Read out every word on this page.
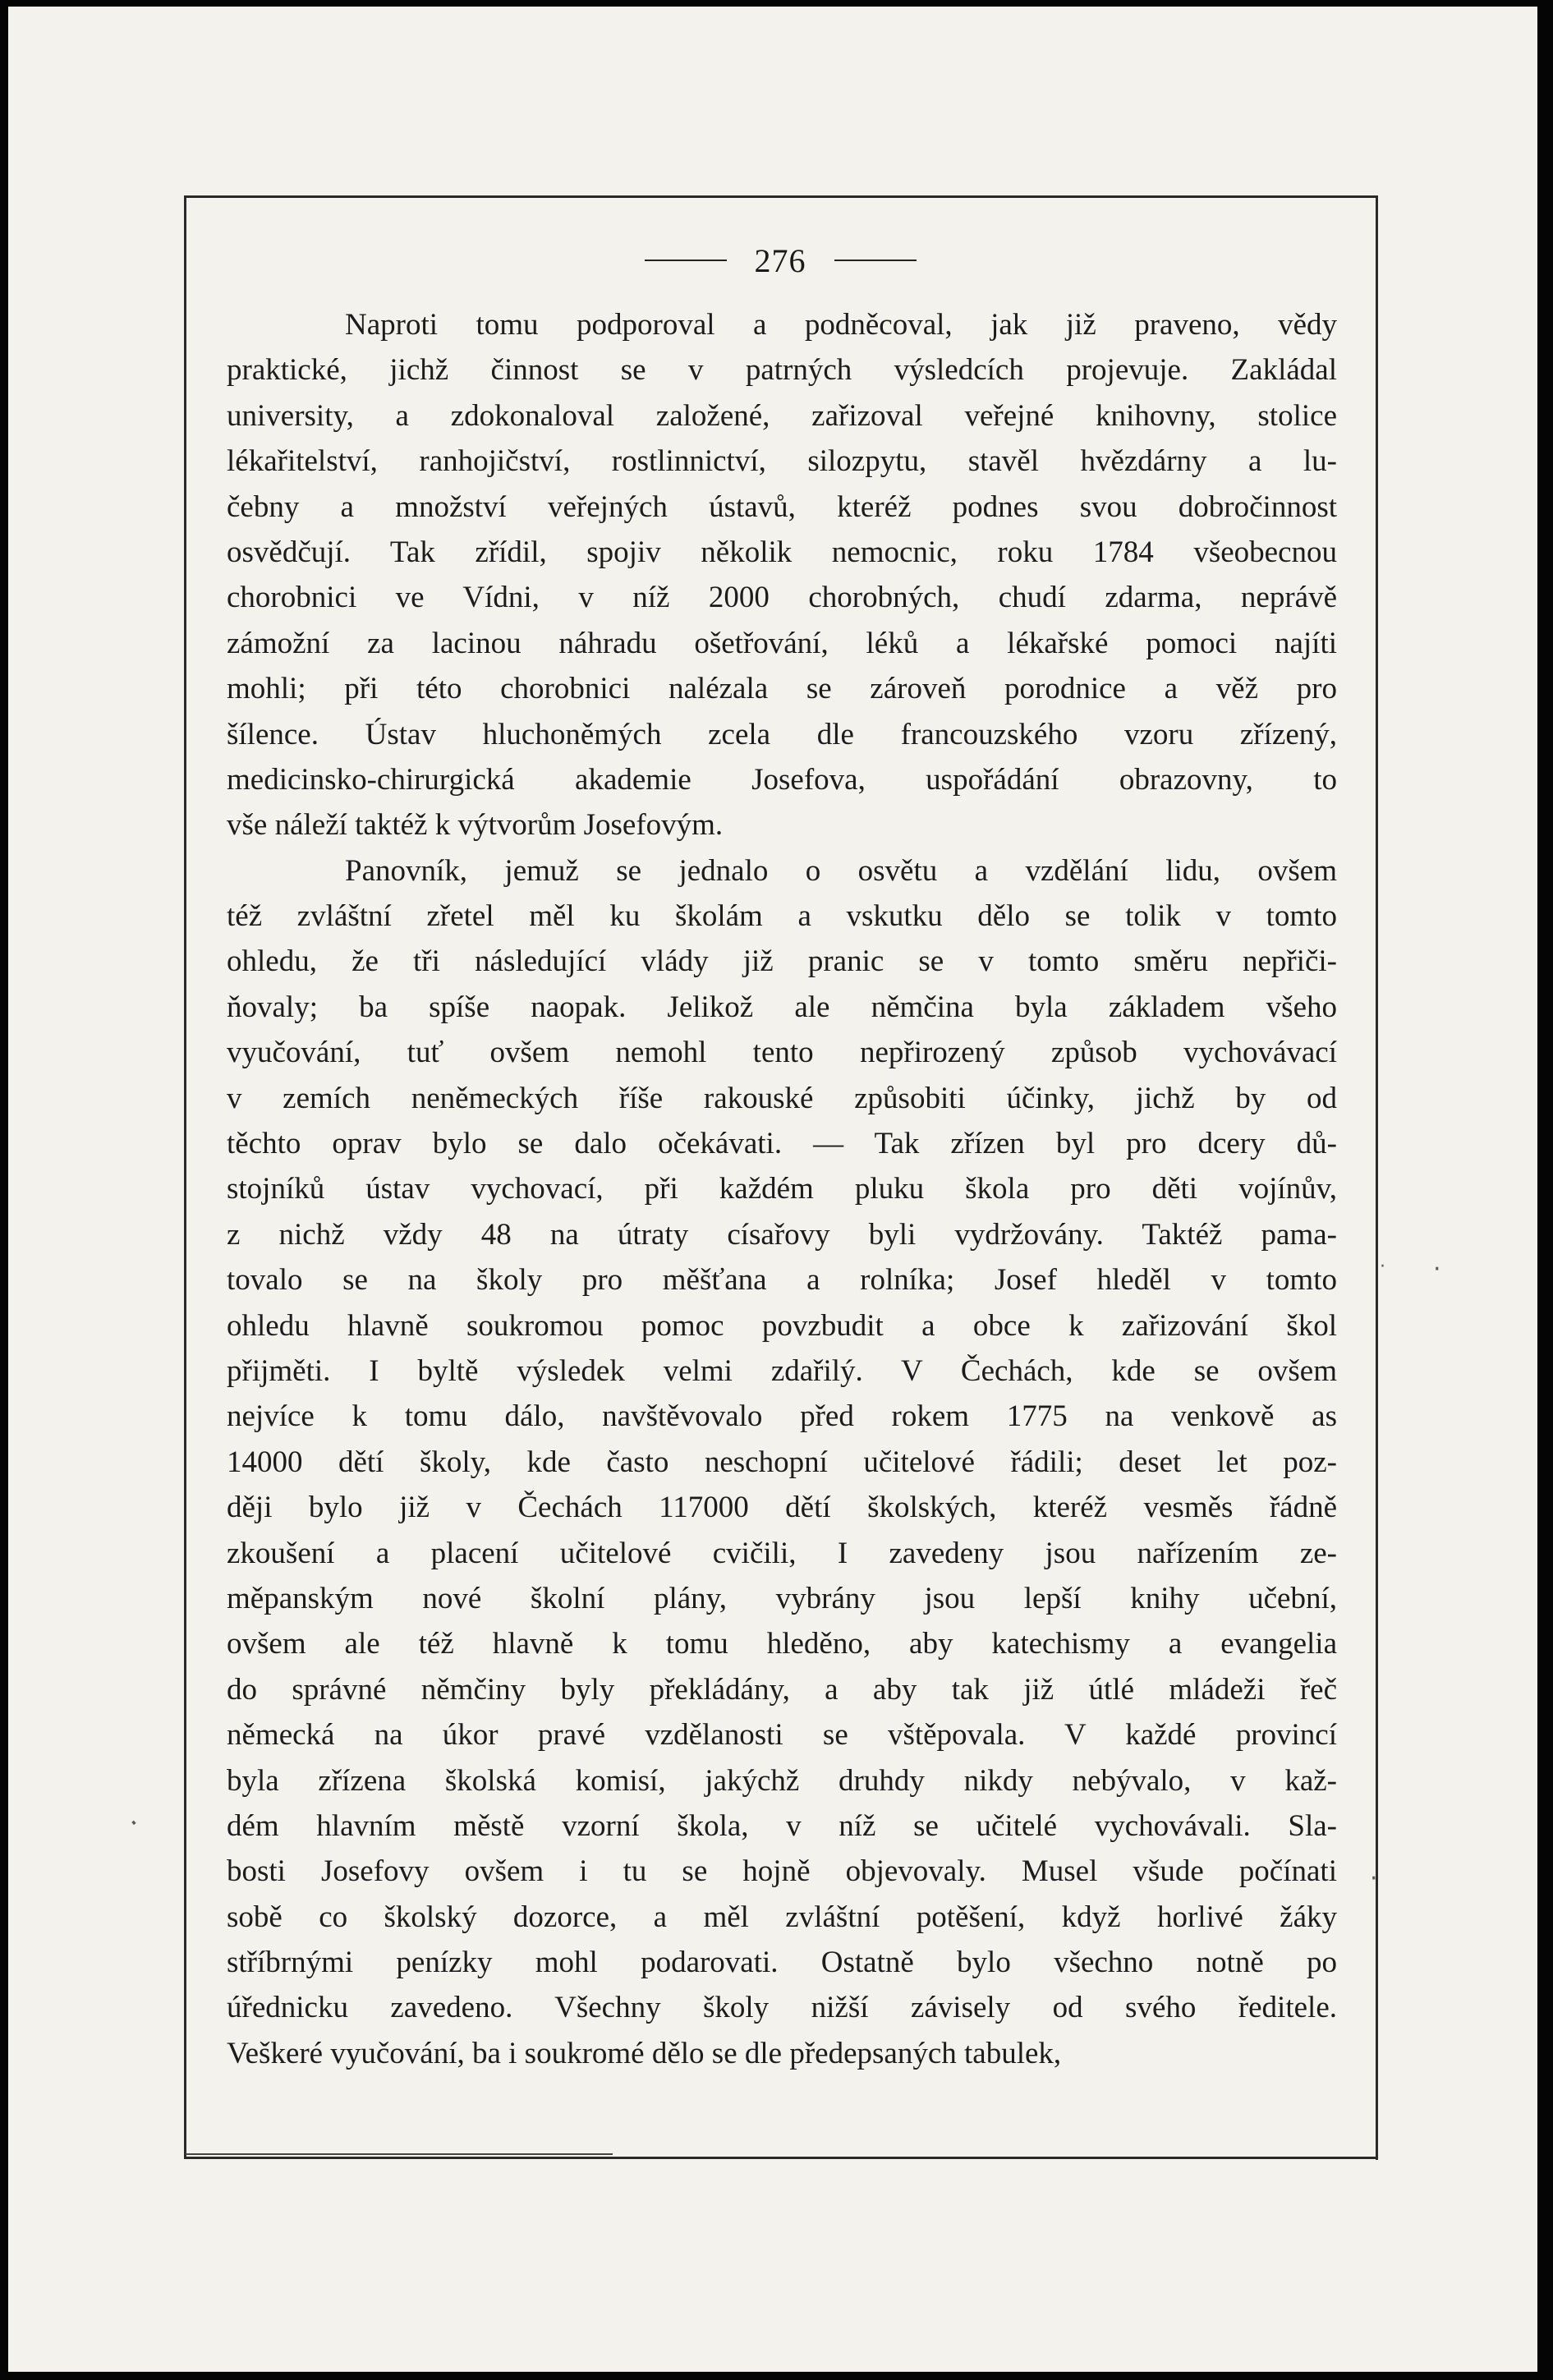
276
Naproti tomu podporoval a podněcoval, jak již praveno, vědy
praktické, jichž činnost se v patrných výsledcích projevuje. Zakládal
university, a zdokonaloval založené, zařizoval veřejné knihovny, stolice
lékařitelství, ranhojičství, rostlinnictví, silozpytu, stavěl hvězdárny a lu-
čebny a množství veřejných ústavů, kteréž podnes svou dobročinnost
osvědčují. Tak zřídil, spojiv několik nemocnic, roku 1784 všeobecnou
chorobnici ve Vídni, v níž 2000 chorobných, chudí zdarma, neprávě
zámožní za lacinou náhradu ošetřování, léků a lékařské pomoci najíti
mohli; při této chorobnici nalézala se zároveň porodnice a věž pro
šílence. Ústav hluchoněmých zcela dle francouzského vzoru zřízený,
medicinsko-chirurgická akademie Josefova, uspořádání obrazovny, to
vše náleží taktéž k výtvorům Josefovým.
Panovník, jemuž se jednalo o osvětu a vzdělání lidu, ovšem
též zvláštní zřetel měl ku školám a vskutku dělo se tolik v tomto
ohledu, že tři následující vlády již pranic se v tomto směru nepřiči-
ňovaly; ba spíše naopak. Jelikož ale němčina byla základem všeho
vyučování, tuť ovšem nemohl tento nepřirozený způsob vychovávací
v zemích neněmeckých říše rakouské způsobiti účinky, jichž by od
těchto oprav bylo se dalo očekávati. — Tak zřízen byl pro dcery dů-
stojníků ústav vychovací, při každém pluku škola pro děti vojínův,
z nichž vždy 48 na útraty císařovy byli vydržovány. Taktéž pama-
tovalo se na školy pro měšťana a rolníka; Josef hleděl v tomto
ohledu hlavně soukromou pomoc povzbudit a obce k zařizování škol
přijměti. I byltě výsledek velmi zdařilý. V Čechách, kde se ovšem
nejvíce k tomu dálo, navštěvovalo před rokem 1775 na venkově as
14000 dětí školy, kde často neschopní učitelové řádili; deset let poz-
ději bylo již v Čechách 117000 dětí školských, kteréž vesměs řádně
zkoušení a placení učitelové cvičili, I zavedeny jsou nařízením ze-
měpanským nové školní plány, vybrány jsou lepší knihy učební,
ovšem ale též hlavně k tomu hleděno, aby katechismy a evangelia
do správné němčiny byly překládány, a aby tak již útlé mládeži řeč
německá na úkor pravé vzdělanosti se vštěpovala. V každé provincí
byla zřízena školská komisí, jakýchž druhdy nikdy nebývalo, v kaž-
dém hlavním městě vzorní škola, v níž se učitelé vychovávali. Sla-
bosti Josefovy ovšem i tu se hojně objevovaly. Musel všude počínati
sobě co školský dozorce, a měl zvláštní potěšení, když horlivé žáky
stříbrnými penízky mohl podarovati. Ostatně bylo všechno notně po
úřednicku zavedeno. Všechny školy nižší závisely od svého ředitele.
Veškeré vyučování, ba i soukromé dělo se dle předepsaných tabulek,
·
·
·
·
